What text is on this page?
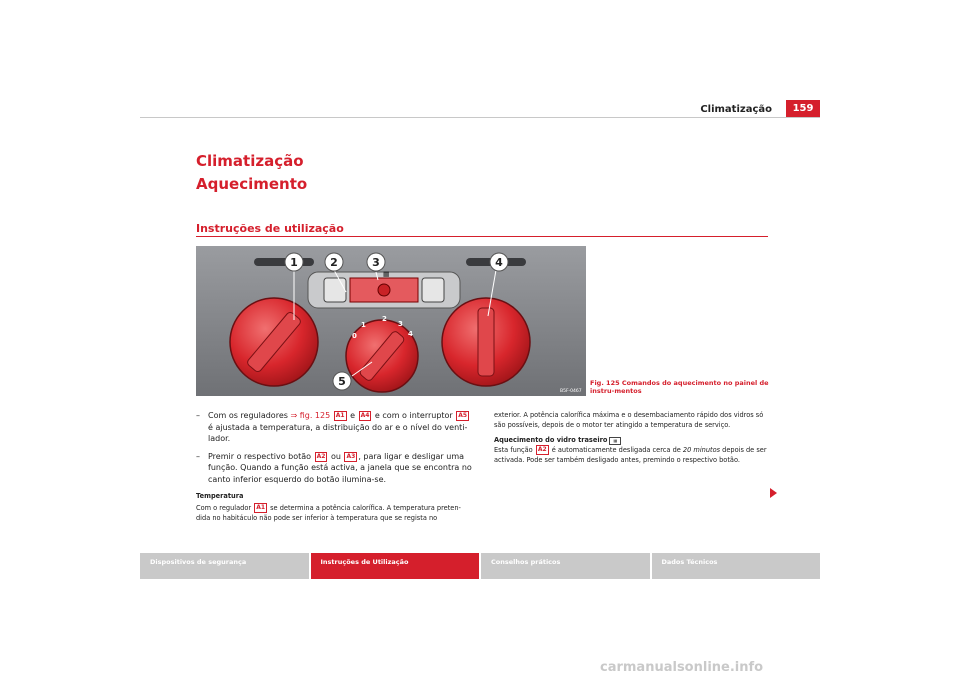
Climatização	159
Climatização
Aquecimento
Instruções de utilização
▦
0
1
2
3
4
1	2	3	4
5
B5F-0467
Fig. 125 Comandos do aquecimento no painel de instru-mentos
–	Com os reguladores ⇒ fig. 125 A1 e A4 e com o interruptor A5 é ajustada a temperatura, a distribuição do ar e o nível do venti-lador.
–	Premir o respectivo botão A2 ou A3 , para ligar e desligar uma função. Quando a função está activa, a janela que se encontra no canto inferior esquerdo do botão ilumina-se.
Temperatura
Com o regulador A1 se determina a potência calorífica. A temperatura preten-dida no habitáculo não pode ser inferior à temperatura que se regista no

exterior. A potência calorífica máxima e o desembaciamento rápido dos vidros só são possíveis, depois de o motor ter atingido a temperatura de serviço.

Aquecimento do vidro traseiro ▦
Esta função A2 é automaticamente desligada cerca de 20 minutos depois de ser activada. Pode ser também desligado antes, premindo o respectivo botão.
Dispositivos de segurança	Instruções de Utilização	Conselhos práticos	Dados Técnicos
carmanualsonline.info
